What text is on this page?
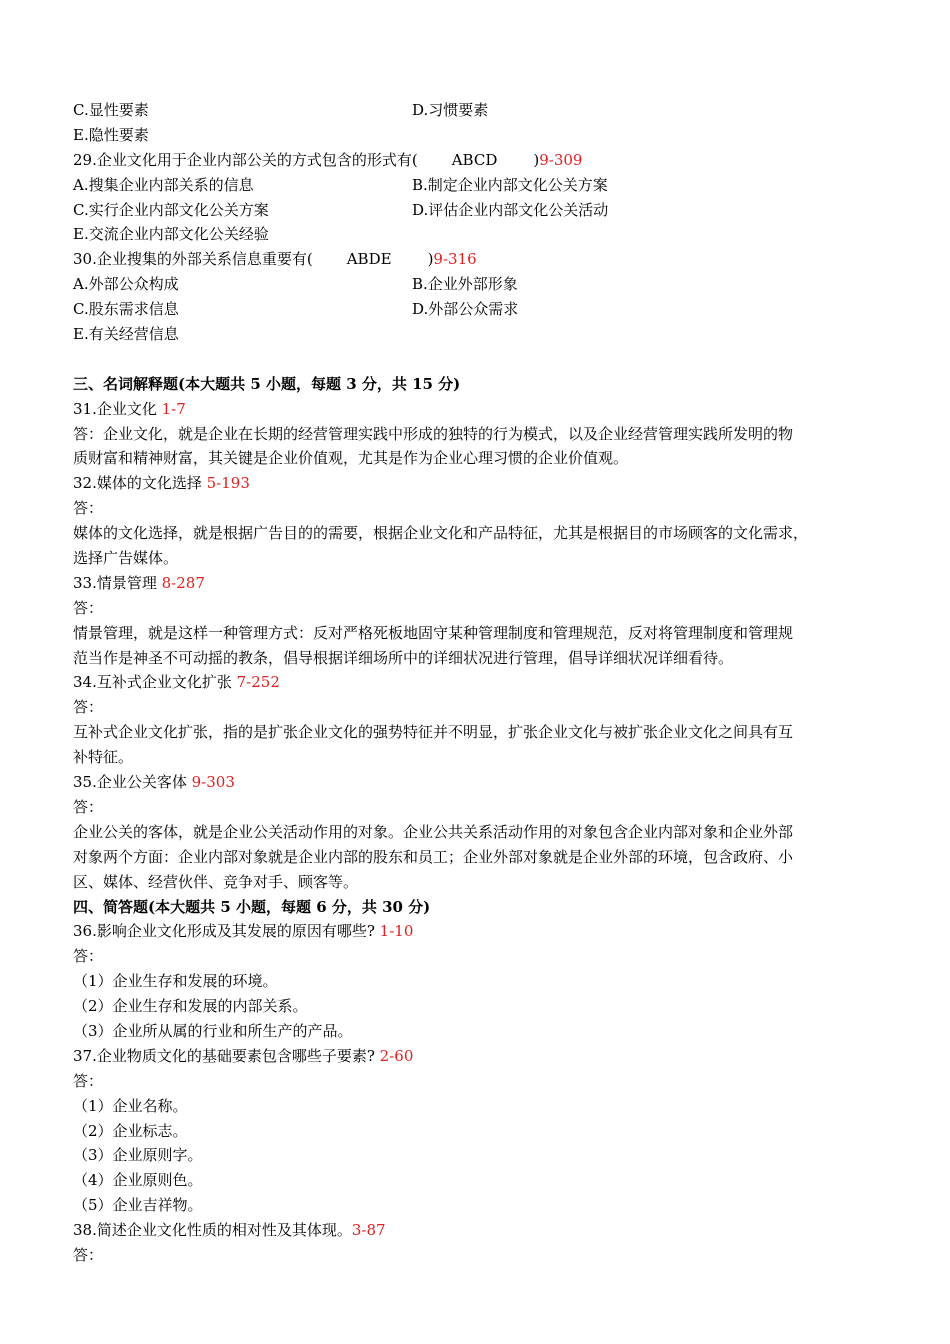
C.显性要素	D.习惯要素
E.隐性要素
29.企业文化用于企业内部公关的方式包含的形式有( ABCD )9-309
A.搜集企业内部关系的信息	B.制定企业内部文化公关方案
C.实行企业内部文化公关方案	D.评估企业内部文化公关活动
E.交流企业内部文化公关经验
30.企业搜集的外部关系信息重要有( ABDE )9-316
A.外部公众构成	B.企业外部形象
C.股东需求信息	D.外部公众需求
E.有关经营信息
三、名词解释题(本大题共 5 小题，每题 3 分，共 15 分)
31.企业文化 1-7
答：企业文化，就是企业在长期的经营管理实践中形成的独特的行为模式，以及企业经营管理实践所发明的物
质财富和精神财富，其关键是企业价值观，尤其是作为企业心理习惯的企业价值观。
32.媒体的文化选择 5-193
答：
媒体的文化选择，就是根据广告目的的需要，根据企业文化和产品特征，尤其是根据目的市场顾客的文化需求，
选择广告媒体。
33.情景管理 8-287
答：
情景管理，就是这样一种管理方式：反对严格死板地固守某种管理制度和管理规范，反对将管理制度和管理规
范当作是神圣不可动摇的教条，倡导根据详细场所中的详细状况进行管理，倡导详细状况详细看待。
34.互补式企业文化扩张 7-252
答：
互补式企业文化扩张，指的是扩张企业文化的强势特征并不明显，扩张企业文化与被扩张企业文化之间具有互
补特征。
35.企业公关客体 9-303
答：
企业公关的客体，就是企业公关活动作用的对象。企业公共关系活动作用的对象包含企业内部对象和企业外部
对象两个方面：企业内部对象就是企业内部的股东和员工；企业外部对象就是企业外部的环境，包含政府、小
区、媒体、经营伙伴、竞争对手、顾客等。
四、简答题(本大题共 5 小题，每题 6 分，共 30 分)
36.影响企业文化形成及其发展的原因有哪些? 1-10
答：
（1）企业生存和发展的环境。
（2）企业生存和发展的内部关系。
（3）企业所从属的行业和所生产的产品。
37.企业物质文化的基础要素包含哪些子要素? 2-60
答：
（1）企业名称。
（2）企业标志。
（3）企业原则字。
（4）企业原则色。
（5）企业吉祥物。
38.简述企业文化性质的相对性及其体现。3-87
答：
